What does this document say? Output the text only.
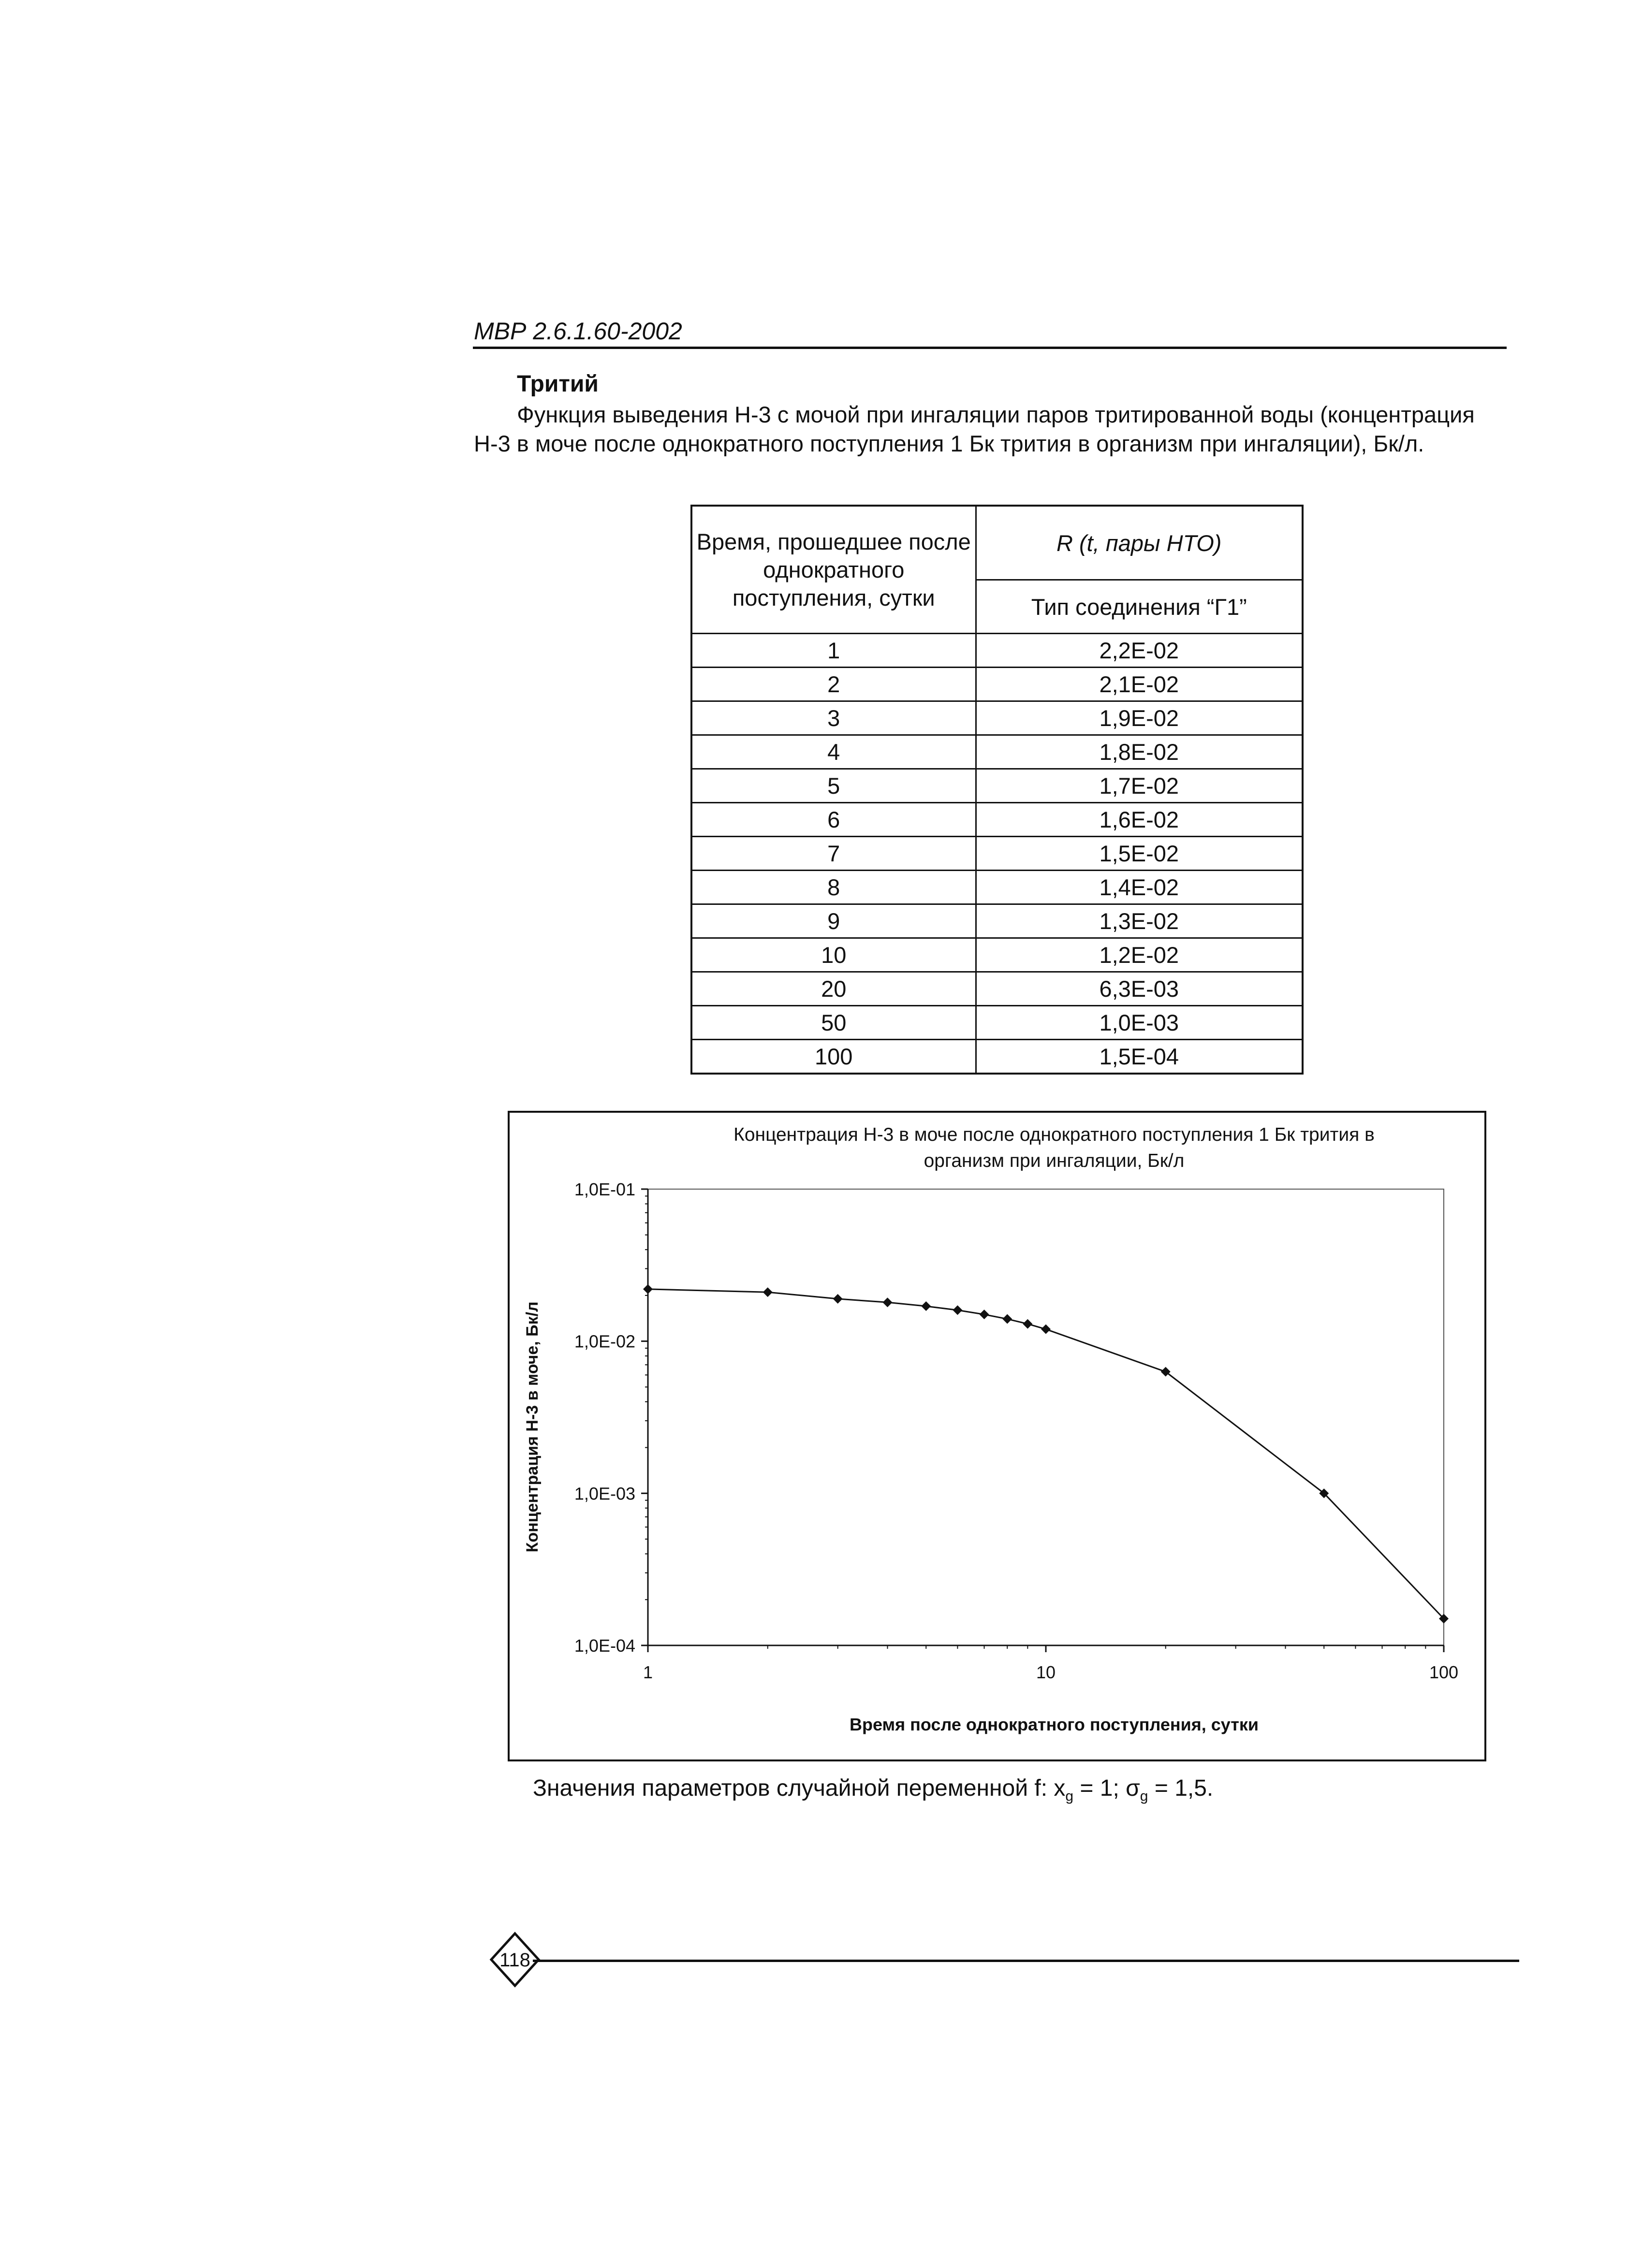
МВР 2.6.1.60-2002
Тритий
Функция выведения Н-3 с мочой при ингаляции паров тритированной воды (концентрация Н-3 в моче после однократного поступления 1 Бк трития в организм при ингаляции), Бк/л.
Время, прошедшее после однократного поступления, сутки	R (t, пары НТО)
	Тип соединения “Г1”
1	2,2E-02
2	2,1E-02
3	1,9E-02
4	1,8E-02
5	1,7E-02
6	1,6E-02
7	1,5E-02
8	1,4E-02
9	1,3E-02
10	1,2E-02
20	6,3E-03
50	1,0E-03
100	1,5E-04
Концентрация Н-3 в моче после однократного поступления 1 Бк трития в
организм при ингаляции, Бк/л
1,0E-01
1,0E-02
1,0E-03
1,0E-04
1	10	100
Время после однократного поступления, сутки
Концентрация Н-3 в моче, Бк/л
Значения параметров случайной переменной f: $x_g = 1$; $\sigma_g = 1,5$.
118
